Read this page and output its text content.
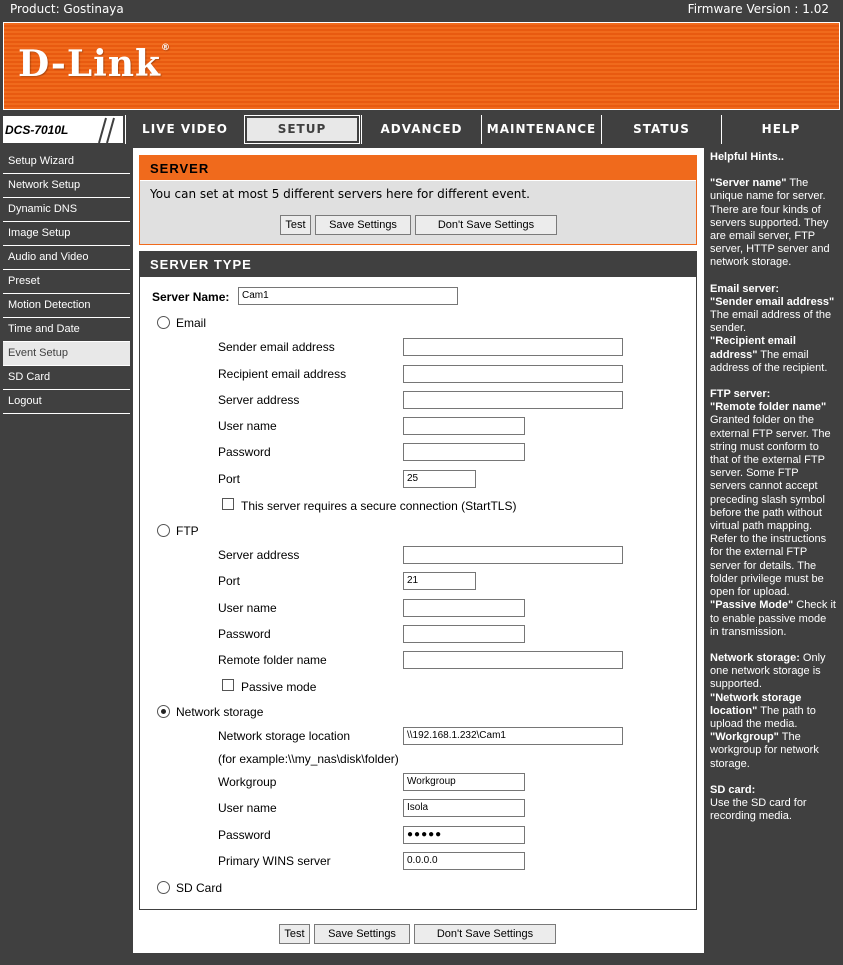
Product: Gostinaya	Firmware Version : 1.02
D-Link®
DCS-7010L	LIVE VIDEO	SETUP	ADVANCED	MAINTENANCE	STATUS	HELP
Setup Wizard
Network Setup
Dynamic DNS
Image Setup
Audio and Video
Preset
Motion Detection
Time and Date
Event Setup
SD Card
Logout
SERVER
You can set at most 5 different servers here for different event.
Test	Save Settings	Don't Save Settings
SERVER TYPE
Server Name:	Cam1
Email
Sender email address
Recipient email address
Server address
User name
Password
Port	25
This server requires a secure connection (StartTLS)
FTP
Server address
Port	21
User name
Password
Remote folder name
Passive mode
Network storage
Network storage location	\\192.168.1.232\Cam1
(for example:\\my_nas\disk\folder)
Workgroup	Workgroup
User name	Isola
Password	●●●●●
Primary WINS server	0.0.0.0
SD Card
Test	Save Settings	Don't Save Settings

Helpful Hints..

"Server name" The unique name for server. There are four kinds of servers supported. They are email server, FTP server, HTTP server and network storage.

Email server:
"Sender email address" The email address of the sender.
"Recipient email address" The email address of the recipient.

FTP server:
"Remote folder name" Granted folder on the external FTP server. The string must conform to that of the external FTP server. Some FTP servers cannot accept preceding slash symbol before the path without virtual path mapping. Refer to the instructions for the external FTP server for details. The folder privilege must be open for upload.
"Passive Mode" Check it to enable passive mode in transmission.

Network storage: Only one network storage is supported.
"Network storage location" The path to upload the media.
"Workgroup" The workgroup for network storage.

SD card:
Use the SD card for recording media.
